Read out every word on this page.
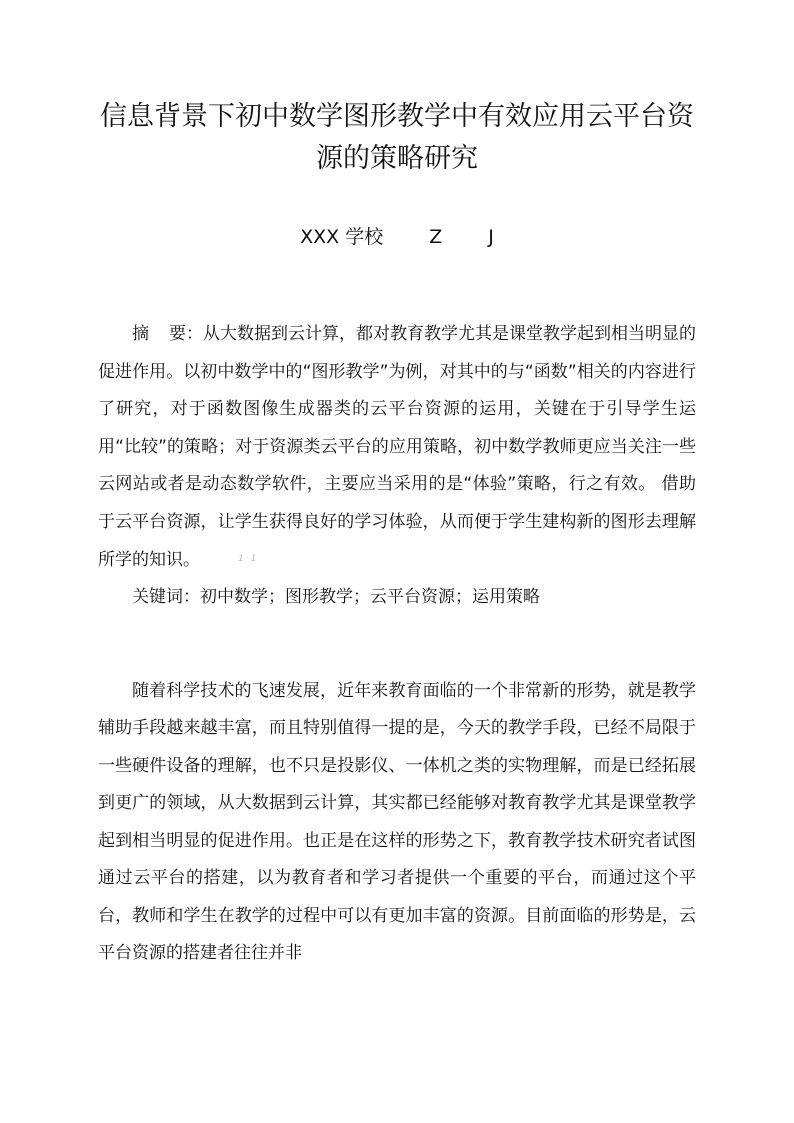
信息背景下初中数学图形教学中有效应用云平台资
源的策略研究
XXX 学校 Z J

摘 要：从大数据到云计算，都对教育教学尤其是课堂教学起到相当明显的促进作用。以初中数学中的“图形教学”为例，对其中的与“函数”相关的内容进行了研究，对于函数图像生成器类的云平台资源的运用，关键在于引导学生运用“比较”的策略；对于资源类云平台的应用策略，初中数学教师更应当关注一些云网站或者是动态数学软件，主要应当采用的是“体验”策略，行之有效。 借助于云平台资源，让学生获得良好的学习体验，从而便于学生建构新的图形去理解所学的知识。	1 1

关键词：初中数学；图形教学；云平台资源；运用策略

随着科学技术的飞速发展，近年来教育面临的一个非常新的形势，就是教学辅助手段越来越丰富，而且特别值得一提的是，今天的教学手段，已经不局限于一些硬件设备的理解，也不只是投影仪、一体机之类的实物理解，而是已经拓展到更广的领域，从大数据到云计算，其实都已经能够对教育教学尤其是课堂教学起到相当明显的促进作用。也正是在这样的形势之下，教育教学技术研究者试图通过云平台的搭建，以为教育者和学习者提供一个重要的平台，而通过这个平台，教师和学生在教学的过程中可以有更加丰富的资源。目前面临的形势是，云平台资源的搭建者往往并非
